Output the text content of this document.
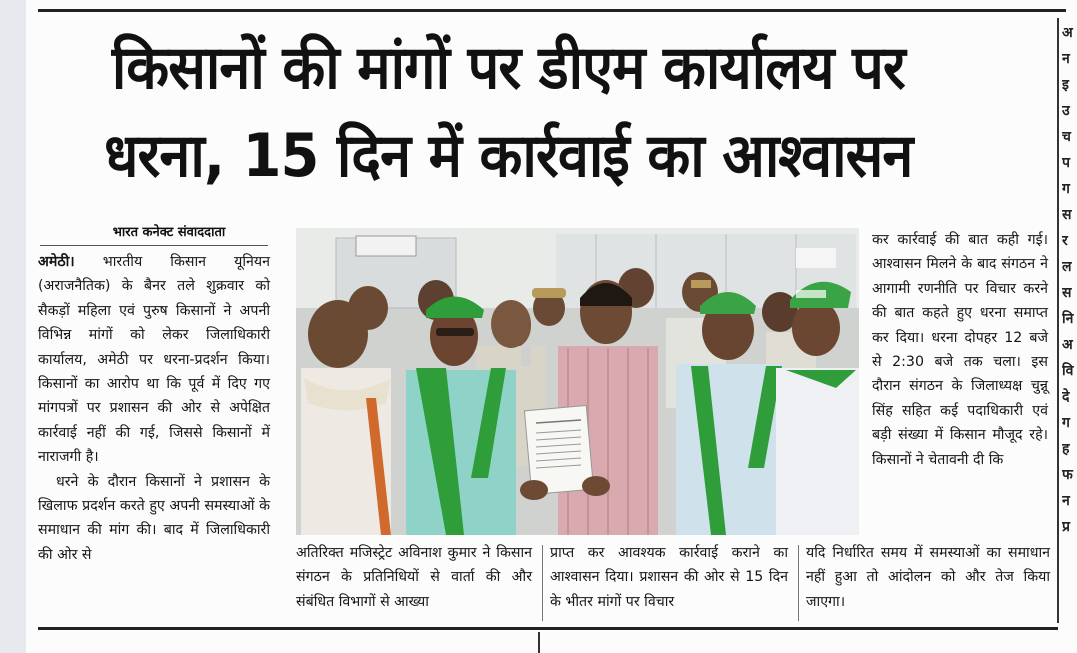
किसानों की मांगों पर डीएम कार्यालय पर
धरना, 15 दिन में कार्रवाई का आश्वासन
अ
न
इ
उ
च
प
ग
स
र
ल
स
नि
अ
वि
दे
ग
ह
फ
न
प्र
भारत कनेक्ट संवाददाता

अमेठी। भारतीय किसान यूनियन (अराजनैतिक) के बैनर तले शुक्रवार को सैकड़ों महिला एवं पुरुष किसानों ने अपनी विभिन्न मांगों को लेकर जिलाधिकारी कार्यालय, अमेठी पर धरना-प्रदर्शन किया। किसानों का आरोप था कि पूर्व में दिए गए मांगपत्रों पर प्रशासन की ओर से अपेक्षित कार्रवाई नहीं की गई, जिससे किसानों में नाराजगी है।

धरने के दौरान किसानों ने प्रशासन के खिलाफ प्रदर्शन करते हुए अपनी समस्याओं के समाधान की मांग की। बाद में जिलाधिकारी की ओर से

कर कार्रवाई की बात कही गई। आश्वासन मिलने के बाद संगठन ने आगामी रणनीति पर विचार करने की बात कहते हुए धरना समाप्त कर दिया। धरना दोपहर 12 बजे से 2:30 बजे तक चला। इस दौरान संगठन के जिलाध्यक्ष चुन्नू सिंह सहित कई पदाधिकारी एवं बड़ी संख्या में किसान मौजूद रहे। किसानों ने चेतावनी दी कि
अतिरिक्त मजिस्ट्रेट अविनाश कुमार ने किसान संगठन के प्रतिनिधियों से वार्ता की और संबंधित विभागों से आख्या
प्राप्त कर आवश्यक कार्रवाई कराने का आश्वासन दिया। प्रशासन की ओर से 15 दिन के भीतर मांगों पर विचार
यदि निर्धारित समय में समस्याओं का समाधान नहीं हुआ तो आंदोलन को और तेज किया जाएगा।
